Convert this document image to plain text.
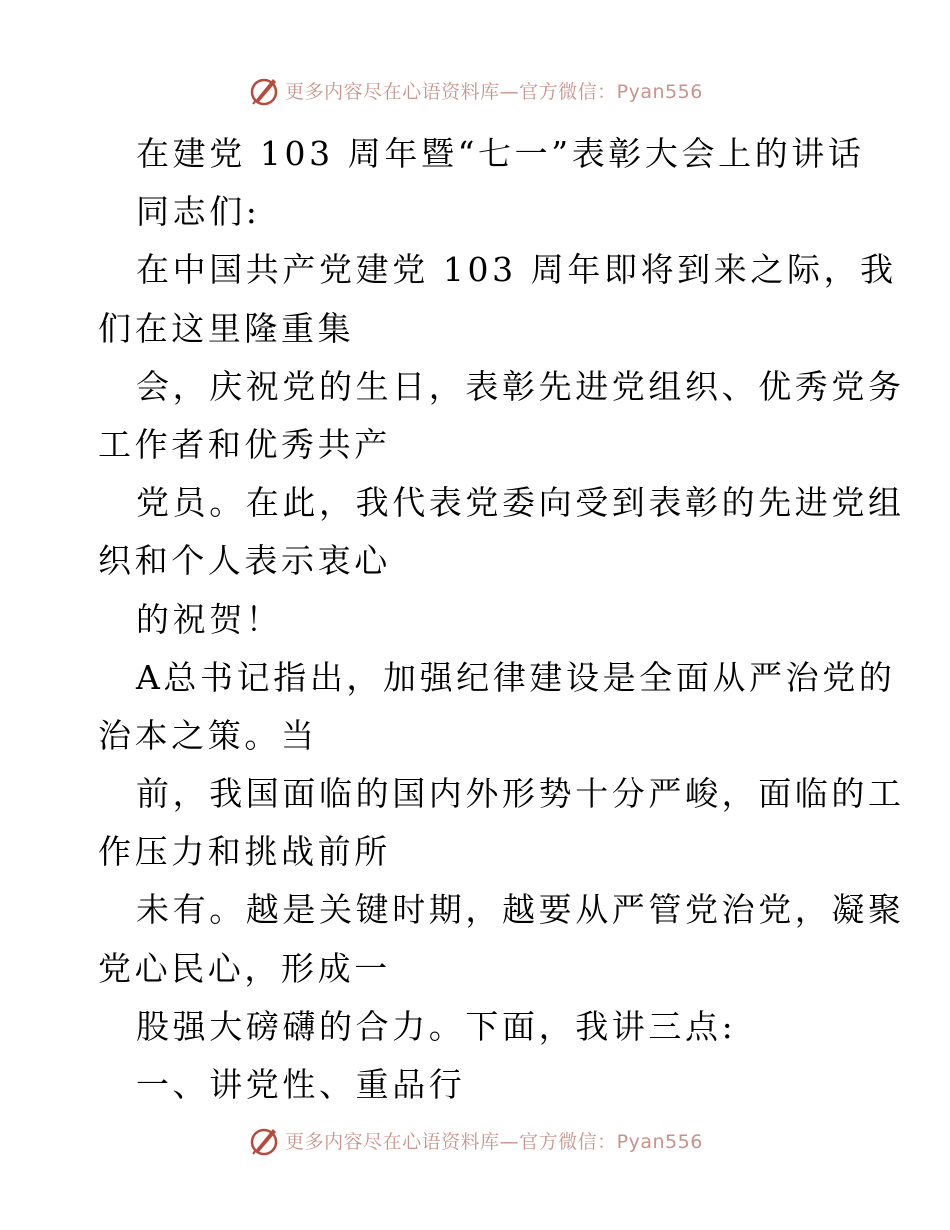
更多内容尽在心语资料库—官方微信：Pyan556
在建党 103 周年暨“七一”表彰大会上的讲话
同志们:
在中国共产党建党 103 周年即将到来之际，我
们在这里隆重集
会，庆祝党的生日，表彰先进党组织、优秀党务
工作者和优秀共产
党员。在此，我代表党委向受到表彰的先进党组
织和个人表示衷心
的祝贺！
A总书记指出，加强纪律建设是全面从严治党的
治本之策。当
前，我国面临的国内外形势十分严峻，面临的工
作压力和挑战前所
未有。越是关键时期，越要从严管党治党，凝聚
党心民心，形成一
股强大磅礴的合力。下面，我讲三点:
一、讲党性、重品行
更多内容尽在心语资料库—官方微信：Pyan556
